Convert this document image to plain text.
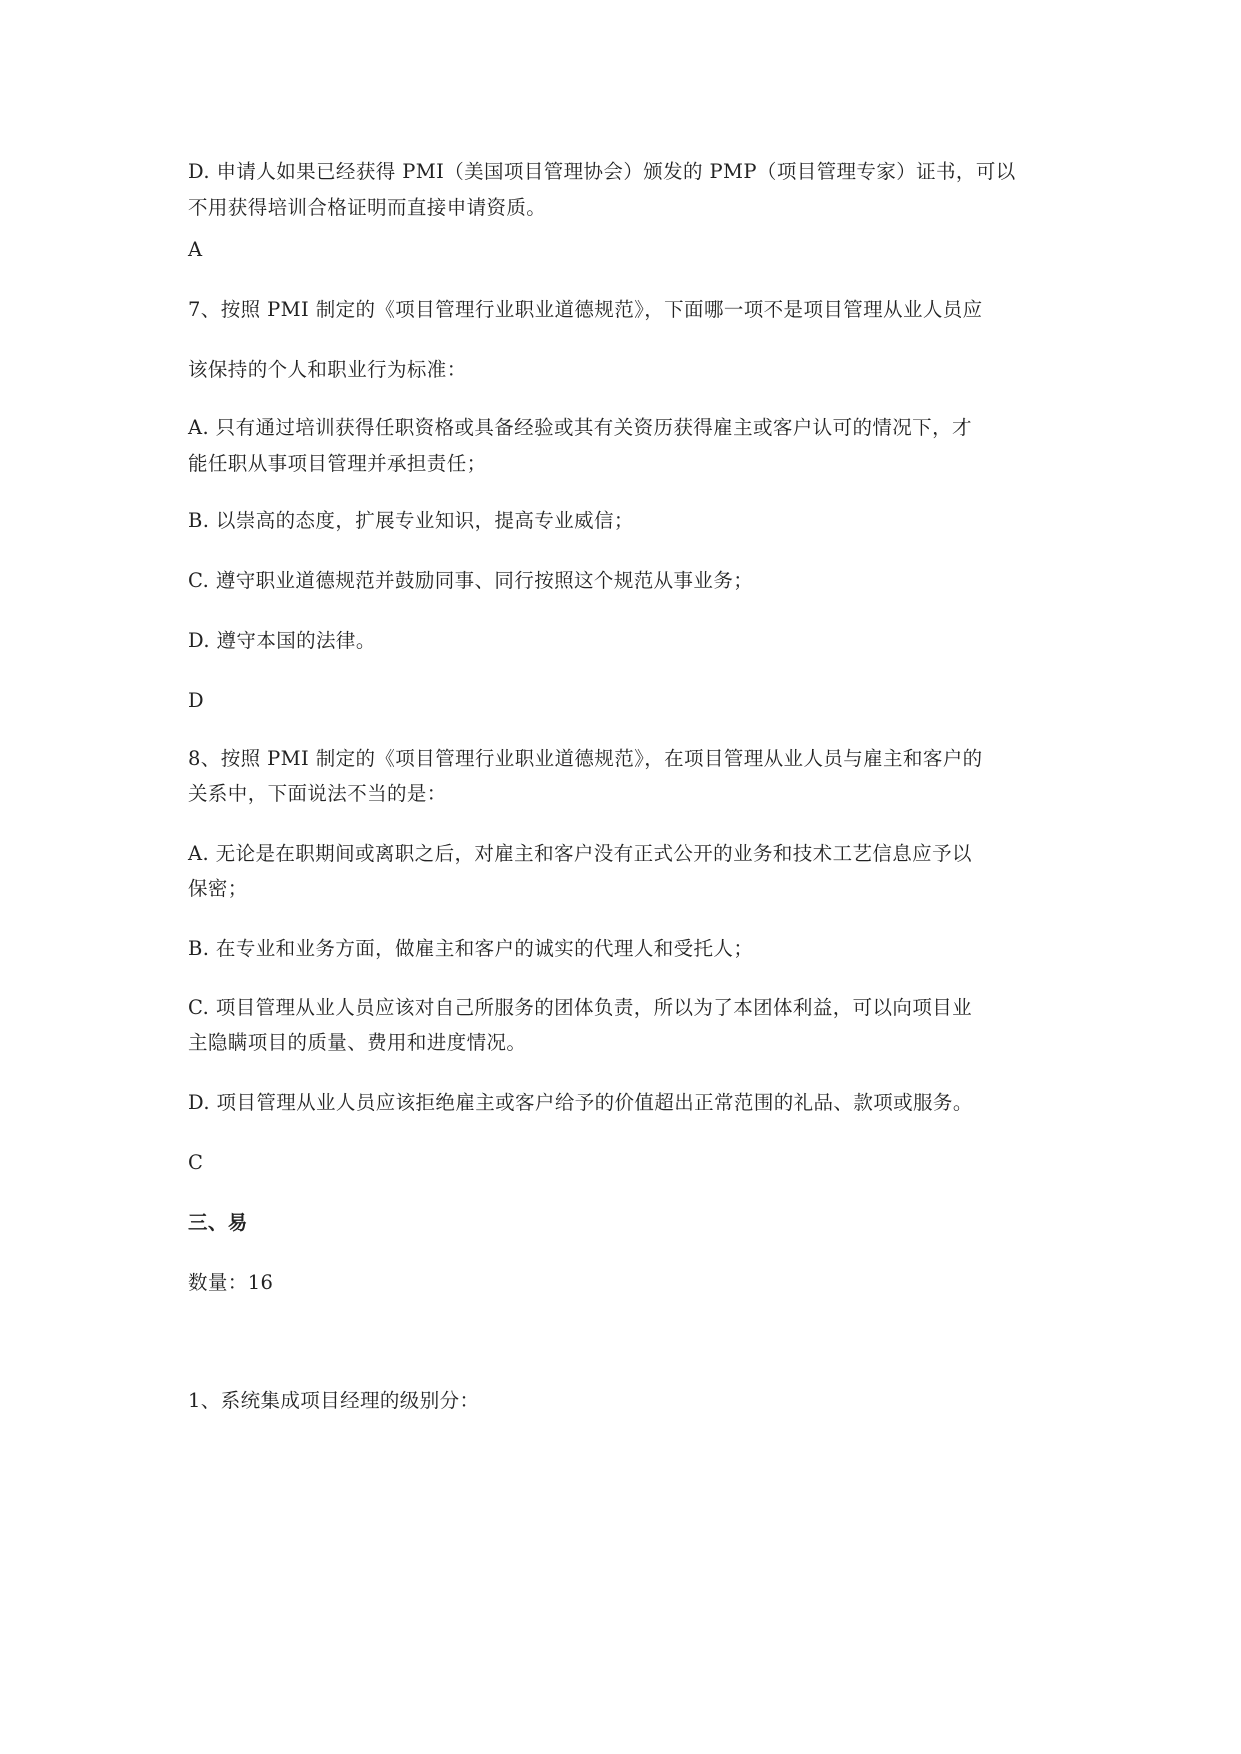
D. 申请人如果已经获得 PMI（美国项目管理协会）颁发的 PMP（项目管理专家）证书，可以
不用获得培训合格证明而直接申请资质。
A
7、按照 PMI 制定的《项目管理行业职业道德规范》，下面哪一项不是项目管理从业人员应
该保持的个人和职业行为标准：
A. 只有通过培训获得任职资格或具备经验或其有关资历获得雇主或客户认可的情况下，才
能任职从事项目管理并承担责任；
B. 以崇高的态度，扩展专业知识，提高专业威信；
C. 遵守职业道德规范并鼓励同事、同行按照这个规范从事业务；
D. 遵守本国的法律。
D
8、按照 PMI 制定的《项目管理行业职业道德规范》，在项目管理从业人员与雇主和客户的
关系中，下面说法不当的是：
A. 无论是在职期间或离职之后，对雇主和客户没有正式公开的业务和技术工艺信息应予以
保密；
B. 在专业和业务方面，做雇主和客户的诚实的代理人和受托人；
C. 项目管理从业人员应该对自己所服务的团体负责，所以为了本团体利益，可以向项目业
主隐瞒项目的质量、费用和进度情况。
D. 项目管理从业人员应该拒绝雇主或客户给予的价值超出正常范围的礼品、款项或服务。
C
三、易
数量：16
1、系统集成项目经理的级别分：
